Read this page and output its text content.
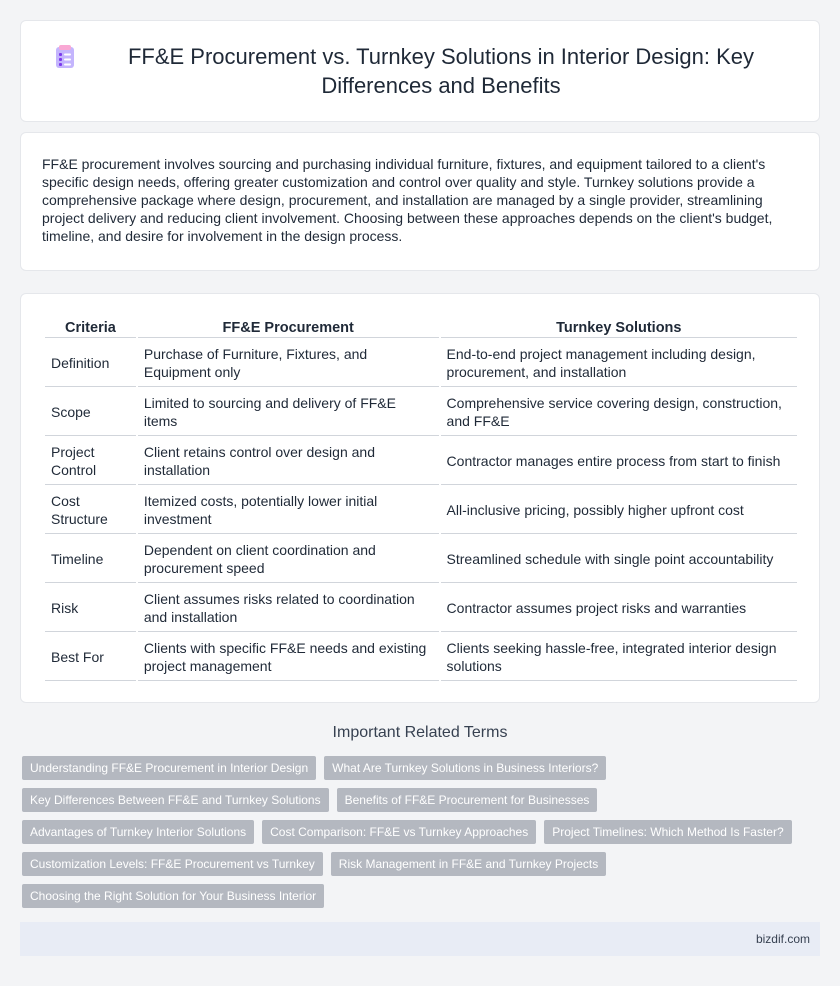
FF&E Procurement vs. Turnkey Solutions in Interior Design: Key Differences and Benefits

FF&E procurement involves sourcing and purchasing individual furniture, fixtures, and equipment tailored to a client's specific design needs, offering greater customization and control over quality and style. Turnkey solutions provide a comprehensive package where design, procurement, and installation are managed by a single provider, streamlining project delivery and reducing client involvement. Choosing between these approaches depends on the client's budget, timeline, and desire for involvement in the design process.

Criteria	FF&E Procurement	Turnkey Solutions
Definition	Purchase of Furniture, Fixtures, and Equipment only	End-to-end project management including design, procurement, and installation
Scope	Limited to sourcing and delivery of FF&E items	Comprehensive service covering design, construction, and FF&E
Project Control	Client retains control over design and installation	Contractor manages entire process from start to finish
Cost Structure	Itemized costs, potentially lower initial investment	All-inclusive pricing, possibly higher upfront cost
Timeline	Dependent on client coordination and procurement speed	Streamlined schedule with single point accountability
Risk	Client assumes risks related to coordination and installation	Contractor assumes project risks and warranties
Best For	Clients with specific FF&E needs and existing project management	Clients seeking hassle-free, integrated interior design solutions
Important Related Terms
Understanding FF&E Procurement in Interior Design	What Are Turnkey Solutions in Business Interiors?
Key Differences Between FF&E and Turnkey Solutions	Benefits of FF&E Procurement for Businesses
Advantages of Turnkey Interior Solutions	Cost Comparison: FF&E vs Turnkey Approaches	Project Timelines: Which Method Is Faster?
Customization Levels: FF&E Procurement vs Turnkey	Risk Management in FF&E and Turnkey Projects
Choosing the Right Solution for Your Business Interior
bizdif.com
